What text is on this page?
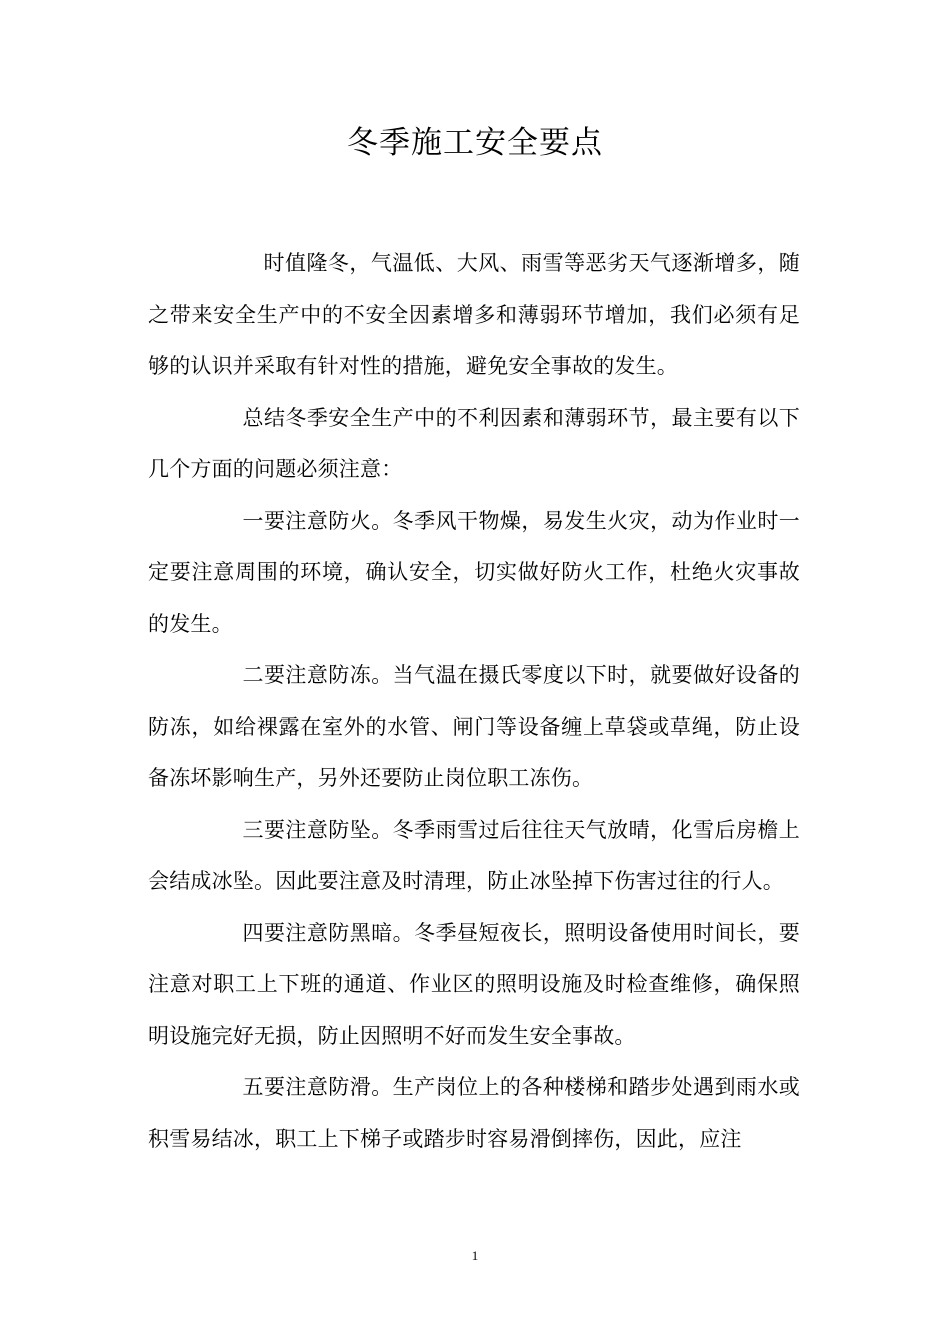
冬季施工安全要点

时值隆冬，气温低、大风、雨雪等恶劣天气逐渐增多，随之带来安全生产中的不安全因素增多和薄弱环节增加，我们必须有足够的认识并采取有针对性的措施，避免安全事故的发生。

总结冬季安全生产中的不利因素和薄弱环节，最主要有以下几个方面的问题必须注意：

一要注意防火。冬季风干物燥，易发生火灾，动为作业时一定要注意周围的环境，确认安全，切实做好防火工作，杜绝火灾事故的发生。

二要注意防冻。当气温在摄氏零度以下时，就要做好设备的防冻，如给裸露在室外的水管、闸门等设备缠上草袋或草绳，防止设备冻坏影响生产，另外还要防止岗位职工冻伤。

三要注意防坠。冬季雨雪过后往往天气放晴，化雪后房檐上会结成冰坠。因此要注意及时清理，防止冰坠掉下伤害过往的行人。

四要注意防黑暗。冬季昼短夜长，照明设备使用时间长，要注意对职工上下班的通道、作业区的照明设施及时检查维修，确保照明设施完好无损，防止因照明不好而发生安全事故。

五要注意防滑。生产岗位上的各种楼梯和踏步处遇到雨水或积雪易结冰，职工上下梯子或踏步时容易滑倒摔伤，因此，应注

1
